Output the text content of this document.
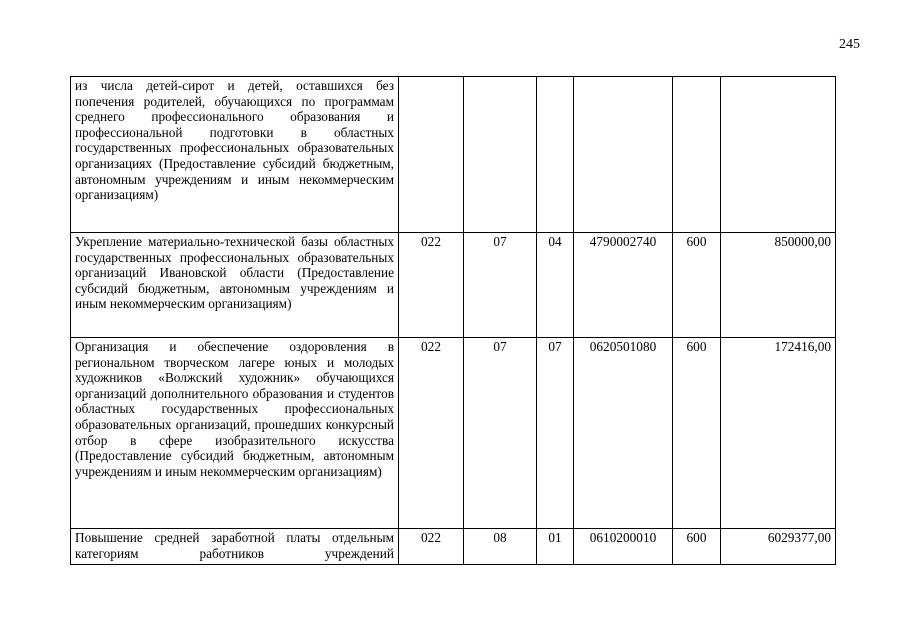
245
из числа детей-сирот и детей, оставшихся без попечения родителей, обучающихся по программам среднего профессионального образования и профессиональной подготовки в областных государственных профессиональных образовательных организациях (Предоставление субсидий бюджетным, автономным учреждениям и иным некоммерческим организациям)						
Укрепление материально-технической базы областных государственных профессиональных образовательных организаций Ивановской области (Предоставление субсидий бюджетным, автономным учреждениям и иным некоммерческим организациям)	022	07	04	4790002740	600	850000,00
Организация и обеспечение оздоровления в региональном творческом лагере юных и молодых художников «Волжский художник» обучающихся организаций дополнительного образования и студентов областных государственных профессиональных образовательных организаций, прошедших конкурсный отбор в сфере изобразительного искусства (Предоставление субсидий бюджетным, автономным учреждениям и иным некоммерческим организациям)	022	07	07	0620501080	600	172416,00
Повышение средней заработной платы отдельным категориям работников учреждений	022	08	01	0610200010	600	6029377,00
